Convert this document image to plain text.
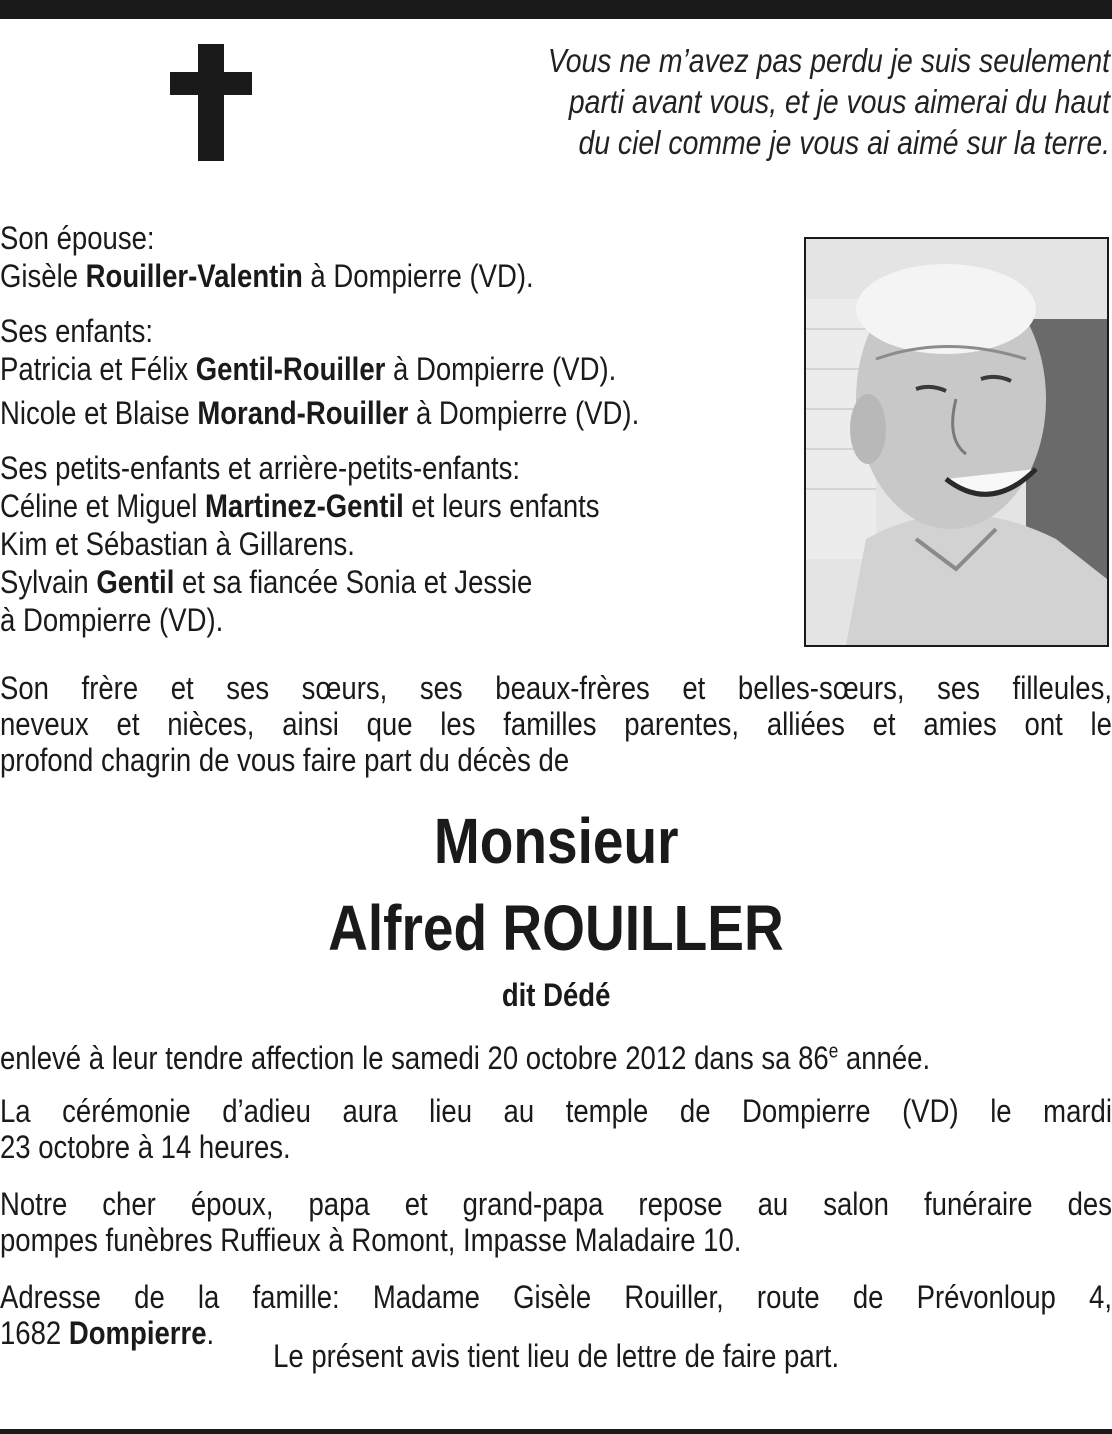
Vous ne m’avez pas perdu je suis seulement
parti avant vous, et je vous aimerai du haut
du ciel comme je vous ai aimé sur la terre.
Son épouse:
Gisèle Rouiller-Valentin à Dompierre (VD).
Ses enfants:
Patricia et Félix Gentil-Rouiller à Dompierre (VD).
Nicole et Blaise Morand-Rouiller à Dompierre (VD).
Ses petits-enfants et arrière-petits-enfants:
Céline et Miguel Martinez-Gentil et leurs enfants
Kim et Sébastian à Gillarens.
Sylvain Gentil et sa fiancée Sonia et Jessie
à Dompierre (VD).
Son frère et ses sœurs, ses beaux-frères et belles-sœurs, ses filleules,
neveux et nièces, ainsi que les familles parentes, alliées et amies ont le
profond chagrin de vous faire part du décès de
Monsieur
Alfred ROUILLER
dit Dédé
enlevé à leur tendre affection le samedi 20 octobre 2012 dans sa 86e année.
La cérémonie d’adieu aura lieu au temple de Dompierre (VD) le mardi
23 octobre à 14 heures.
Notre cher époux, papa et grand-papa repose au salon funéraire des
pompes funèbres Ruffieux à Romont, Impasse Maladaire 10.
Adresse de la famille: Madame Gisèle Rouiller, route de Prévonloup 4,
1682 Dompierre.
Le présent avis tient lieu de lettre de faire part.
